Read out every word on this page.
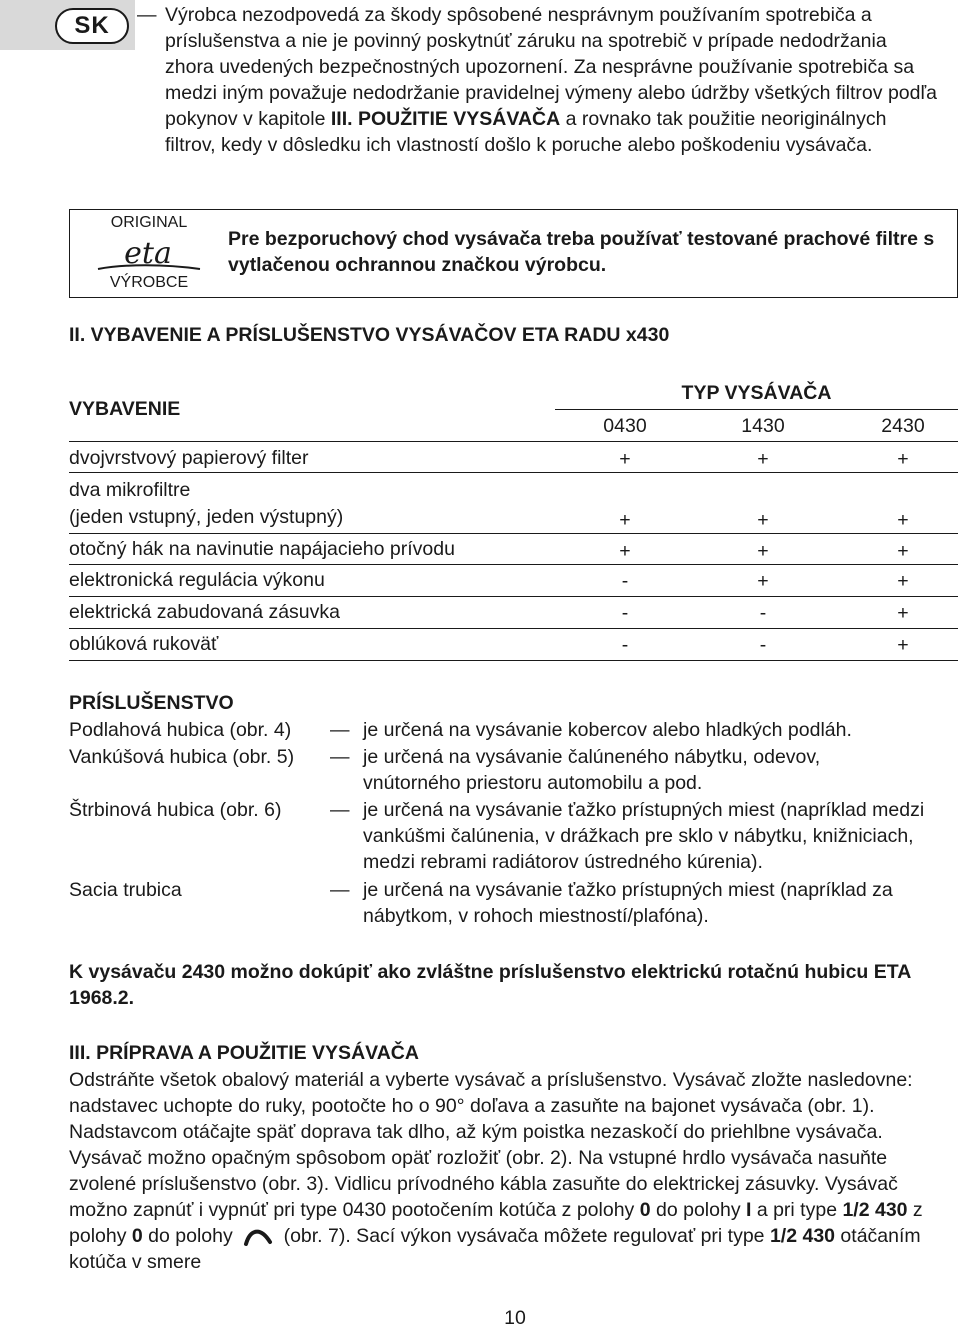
SK	— Výrobca nezodpovedá za škody spôsobené nesprávnym používaním spotrebiča a príslušenstva a nie je povinný poskytnúť záruku na spotrebič v prípade nedodržania zhora uvedených bezpečnostných upozornení. Za nesprávne používanie spotrebiča sa medzi iným považuje nedodržanie pravidelnej výmeny alebo údržby všetkých filtrov podľa pokynov v kapitole III. POUŽITIE VYSÁVAČA a rovnako tak použitie neoriginálnych filtrov, kedy v dôsledku ich vlastností došlo k poruche alebo poškodeniu vysávača.
ORIGINAL
eta
VÝROBCE
Pre bezporuchový chod vysávača treba používať testované prachové filtre s vytlačenou ochrannou značkou výrobcu.
II. VYBAVENIE A PRÍSLUŠENSTVO VYSÁVAČOV ETA RADU x430
VYBAVENIE
TYP VYSÁVAČA
0430	1430	2430
dvojvrstvový papierový filter	+	+	+
dva mikrofiltre
(jeden vstupný, jeden výstupný)	+	+	+
otočný hák na navinutie napájacieho prívodu	+	+	+
elektronická regulácia výkonu	-	+	+
elektrická zabudovaná zásuvka	-	-	+
oblúková rukoväť	-	-	+
PRÍSLUŠENSTVO
Podlahová hubica (obr. 4)	— je určená na vysávanie kobercov alebo hladkých podláh.
Vankúšová hubica (obr. 5)	— je určená na vysávanie čalúneného nábytku, odevov, vnútorného priestoru automobilu a pod.
Štrbinová hubica (obr. 6)	— je určená na vysávanie ťažko prístupných miest (napríklad medzi vankúšmi čalúnenia, v drážkach pre sklo v nábytku, knižniciach, medzi rebrami radiátorov ústredného kúrenia).
Sacia trubica	— je určená na vysávanie ťažko prístupných miest (napríklad za nábytkom, v rohoch miestností/plafóna).
K vysávaču 2430 možno dokúpiť ako zvláštne príslušenstvo elektrickú rotačnú hubicu ETA 1968.2.
III. PRÍPRAVA A POUŽITIE VYSÁVAČA
Odstráňte všetok obalový materiál a vyberte vysávač a príslušenstvo. Vysávač zložte nasledovne: nadstavec uchopte do ruky, pootočte ho o 90° doľava a zasuňte na bajonet vysávača (obr. 1). Nadstavcom otáčajte späť doprava tak dlho, až kým poistka nezaskočí do priehlbne vysávača. Vysávač možno opačným spôsobom opäť rozložiť (obr. 2). Na vstupné hrdlo vysávača nasuňte zvolené príslušenstvo (obr. 3). Vidlicu prívodného kábla zasuňte do elektrickej zásuvky. Vysávač možno zapnúť i vypnúť pri type 0430 pootočením kotúča z polohy 0 do polohy I a pri type 1/2 430 z polohy 0 do polohy  (obr. 7). Sací výkon vysávača môžete regulovať pri type 1/2 430 otáčaním kotúča v smere
10
